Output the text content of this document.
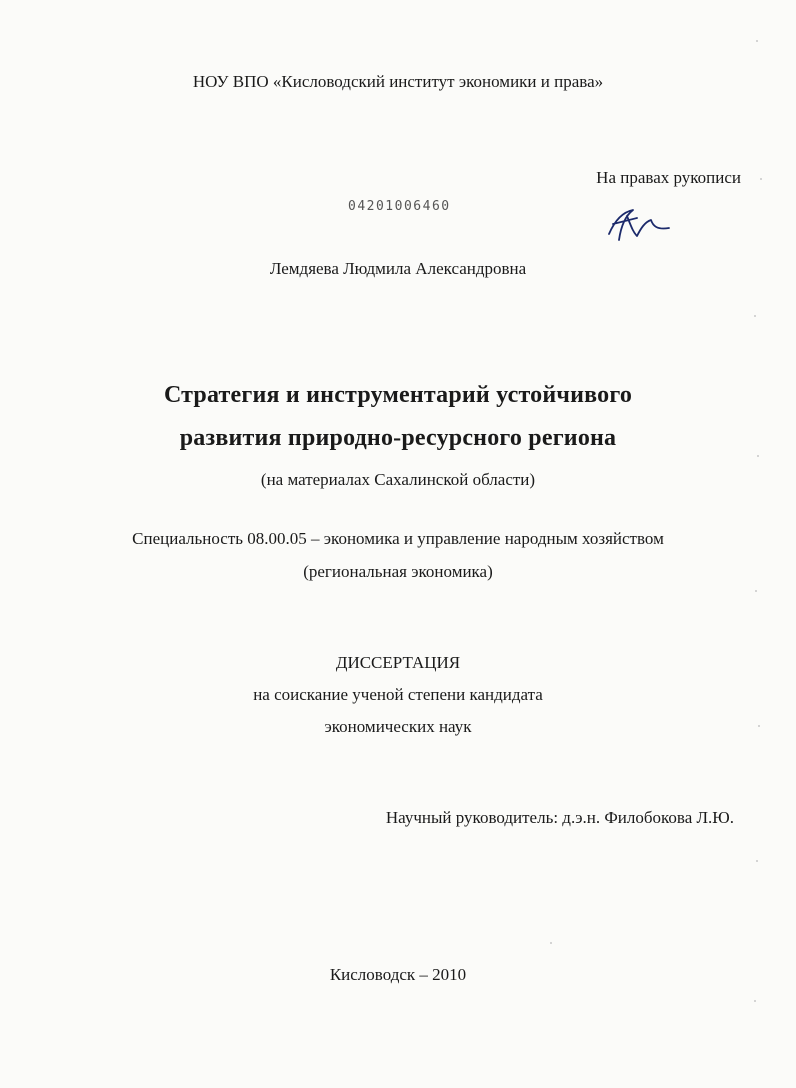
НОУ ВПО «Кисловодский институт экономики и права»
На правах рукописи
04201006460
Лемдяева Людмила Александровна
Стратегия и инструментарий устойчивого
развития природно-ресурсного региона
(на материалах Сахалинской области)
Специальность 08.00.05 – экономика и управление народным хозяйством
(региональная экономика)
ДИССЕРТАЦИЯ
на соискание ученой степени кандидата
экономических наук
Научный руководитель: д.э.н. Филобокова Л.Ю.
Кисловодск – 2010
